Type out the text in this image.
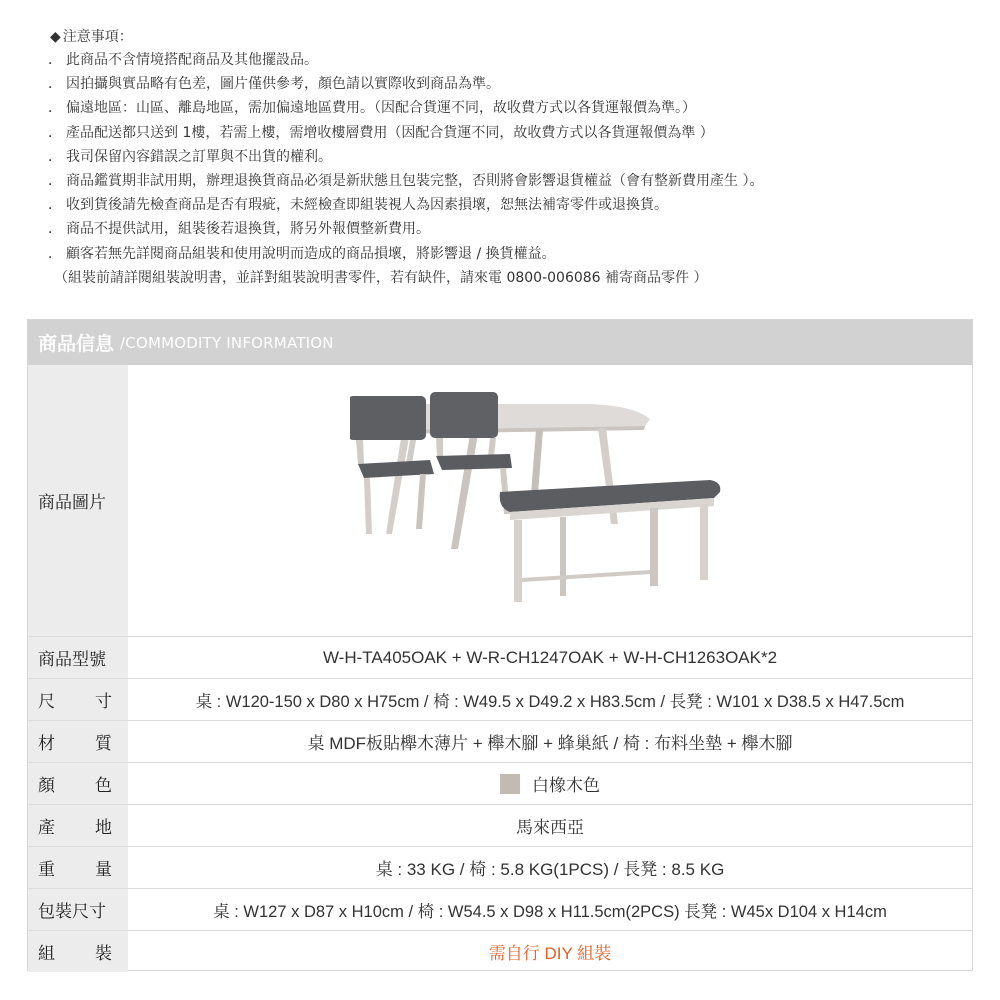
◆ 注意事項：
． 此商品不含情境搭配商品及其他擺設品。
． 因拍攝與實品略有色差，圖片僅供參考，顏色請以實際收到商品為準。
． 偏遠地區：山區、離島地區，需加偏遠地區費用。（因配合貨運不同，故收費方式以各貨運報價為準。）
． 產品配送都只送到 1樓，若需上樓，需增收樓層費用（因配合貨運不同，故收費方式以各貨運報價為準 ）
． 我司保留內容錯誤之訂單與不出貨的權利。
． 商品鑑賞期非試用期，辦理退換貨商品必須是新狀態且包裝完整，否則將會影響退貨權益（會有整新費用產生 ）。
． 收到貨後請先檢查商品是否有瑕疵，未經檢查即組裝視人為因素損壞，恕無法補寄零件或退換貨。
． 商品不提供試用，組裝後若退換貨，將另外報價整新費用。
． 顧客若無先詳閱商品組裝和使用說明而造成的商品損壞，將影響退 / 換貨權益。
（組裝前請詳閱組裝說明書，並詳對組裝說明書零件，若有缺件，請來電 0800-006086 補寄商品零件 ）
商品信息 /COMMODITY INFORMATION
商品圖片
商品型號	W-H-TA405OAK + W-R-CH1247OAK + W-H-CH1263OAK*2
尺寸	桌 : W120-150 x D80 x H75cm / 椅 : W49.5 x D49.2 x H83.5cm / 長凳 : W101 x D38.5 x H47.5cm
材質	桌 MDF板貼櫸木薄片 + 櫸木腳 + 蜂巢紙 / 椅 : 布料坐墊 + 櫸木腳
顏色	白橡木色
產地	馬來西亞
重量	桌 : 33 KG / 椅 : 5.8 KG(1PCS) / 長凳 : 8.5 KG
包裝尺寸	桌 : W127 x D87 x H10cm / 椅 : W54.5 x D98 x H11.5cm(2PCS) 長凳 : W45x D104 x H14cm
組裝	需自行 DIY 組裝
